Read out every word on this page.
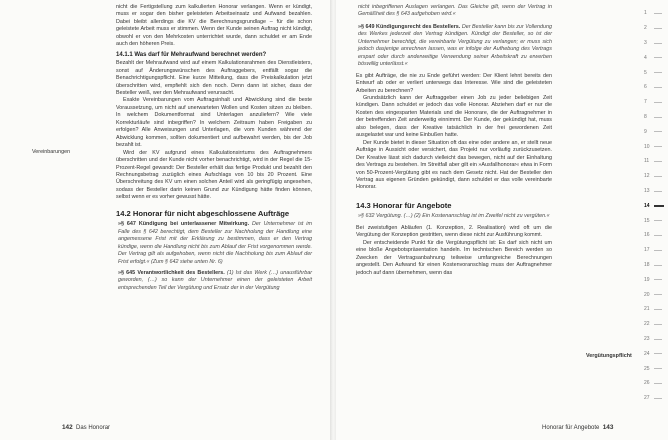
nicht die Fertigstellung zum kalkulierten Honorar verlangen. Wenn er kündigt, muss er sogar den bisher geleisteten Arbeitseinsatz und Aufwand bezahlen. Dabei bleibt allerdings die KV die Berechnungsgrundlage – für die schon geleistete Arbeit muss er stimmen. Wenn der Kunde seinen Auftrag nicht kündigt, obwohl er von den Mehrkosten unterrichtet wurde, dann schuldet er am Ende auch den höheren Preis.

14.1.1 Was darf für Mehraufwand berechnet werden?

Bezahlt der Mehraufwand wird auf einem Kalkulationsrahmen des Dienstleisters, sonst auf Änderungswünschen des Auftraggebers, entfällt sogar die Benachrichtigungspflicht. Eine kurze Mitteilung, dass die Preiskalkulation jetzt überschritten wird, empfiehlt sich den noch. Denn dann ist sicher, dass der Besteller weiß, wer den Mehraufwand verursacht.

Exakte Vereinbarungen vom Auftragsinhalt und Abwicklung sind die beste Voraussetzung, um nicht auf unerwarteten Wollen und Kosten sitzen zu bleiben. In welchem Dokumentformat sind Unterlagen anzuliefern? Wie viele Korrekturläufe sind inbegriffen? In welchem Zeitraum haben Freigaben zu erfolgen? Alle Anweisungen und Unterlagen, die vom Kunden während der Abwicklung kommen, sollten dokumentiert und aufbewahrt werden, bis der Job bezahlt ist.

Wird der KV aufgrund eines Kalkulationsirrtums des Auftragnehmers überschritten und der Kunde nicht vorher benachrichtigt, wird in der Regel die 15-Prozent-Regel gewandt: Der Besteller erhält das fertige Produkt und bezahlt den Rechnungsbetrag zuzüglich eines Aufschlags von 10 bis 20 Prozent. Eine Überschreitung des KV um einen solchen Anteil wird als geringfügig angesehen, sodass der Besteller darin keinen Grund zur Kündigung hätte finden können, selbst wenn er es vorher gewusst hätte.

14.2 Honorar für nicht abgeschlossene Aufträge

»§ 647 Kündigung bei unterlassener Mitwirkung. Der Unternehmer ist im Falle des § 642 berechtigt, dem Besteller zur Nachholung der Handlung eine angemessene Frist mit der Erklärung zu bestimmen, dass er den Vertrag kündige, wenn die Handlung nicht bis zum Ablauf der Frist vorgenommen werde. Der Vertrag gilt als aufgehoben, wenn nicht die Nachholung bis zum Ablauf der Frist erfolgt.« (Zum § 642 siehe unten Nr. 6)

»§ 645 Verantwortlichkeit des Bestellers. (1) Ist das Werk (…) unausführbar geworden, (…) so kann der Unternehmer einen der geleisteten Arbeit entsprechenden Teil der Vergütung und Ersatz der in der Vergütung

Vereinbarungen
142 Das Honorar

nicht inbegriffenen Auslagen verlangen. Das Gleiche gilt, wenn der Vertrag in Gemäßheit des § 643 aufgehoben wird.«

»§ 649 Kündigungsrecht des Bestellers. Der Besteller kann bis zur Vollendung des Werkes jederzeit den Vertrag kündigen. Kündigt der Besteller, so ist der Unternehmer berechtigt, die vereinbarte Vergütung zu verlangen; er muss sich jedoch dasjenige anrechnen lassen, was er infolge der Aufhebung des Vertrags erspart oder durch anderweitige Verwendung seiner Arbeitskraft zu erwerben böswillig unterlässt.«

Es gibt Aufträge, die nie zu Ende geführt werden: Der Klient lehnt bereits den Entwurf ab oder er verliert unterwegs das Interesse. Wie sind die geleisteten Arbeiten zu berechnen?

Grundsätzlich kann der Auftraggeber einen Job zu jeder beliebigen Zeit kündigen. Dann schuldet er jedoch das volle Honorar. Abziehen darf er nur die Kosten des eingesparten Materials und die Honorare, die der Auftragnehmer in der betreffenden Zeit anderweitig einnimmt. Der Kunde, der gekündigt hat, muss also belegen, dass der Kreative tatsächlich in der frei gewordenen Zeit ausgelastet war und keine Einbußen hatte.

Der Kunde bietet in dieser Situation oft das eine oder andere an, er stellt neue Aufträge in Aussicht oder versichert, das Projekt nur vorläufig zurückzusetzen. Der Kreative lässt sich dadurch vielleicht das bewegen, nicht auf der Einhaltung des Vertrags zu bestehen. Im Streitfall aber gilt ein »Ausfallhonorar« etwa in Form von 50-Prozent-Vergütung gibt es nach dem Gesetz nicht. Hat der Besteller den Vertrag aus eigenen Gründen gekündigt, dann schuldet er das volle vereinbarte Honorar.

14.3 Honorar für Angebote

»§ 632 Vergütung. (…) (2) Ein Kostenanschlag ist im Zweifel nicht zu vergüten.«

Bei zweistufigen Abläufen (1. Konzeption, 2. Realisation) wird oft um die Vergütung der Konzeption gestritten, wenn diese nicht zur Ausführung kommt.

Der entscheidende Punkt für die Vergütungspflicht ist: Es darf sich nicht um eine bloße Angebotspräsentation handeln. Im technischen Bereich werden so Zwecken der Vertragsanbahnung teilweise umfangreiche Berechnungen angestellt. Den Aufwand für einen Kostenvoranschlag muss der Auftragnehmer jedoch auf dann übernehmen, wenn das

Vergütungspflicht
Honorar für Angebote 143
1
2
3
4
5
6
7
8
9
10
11
12
13
14
15
16
17
18
19
20
21
22
23
24
25
26
27
